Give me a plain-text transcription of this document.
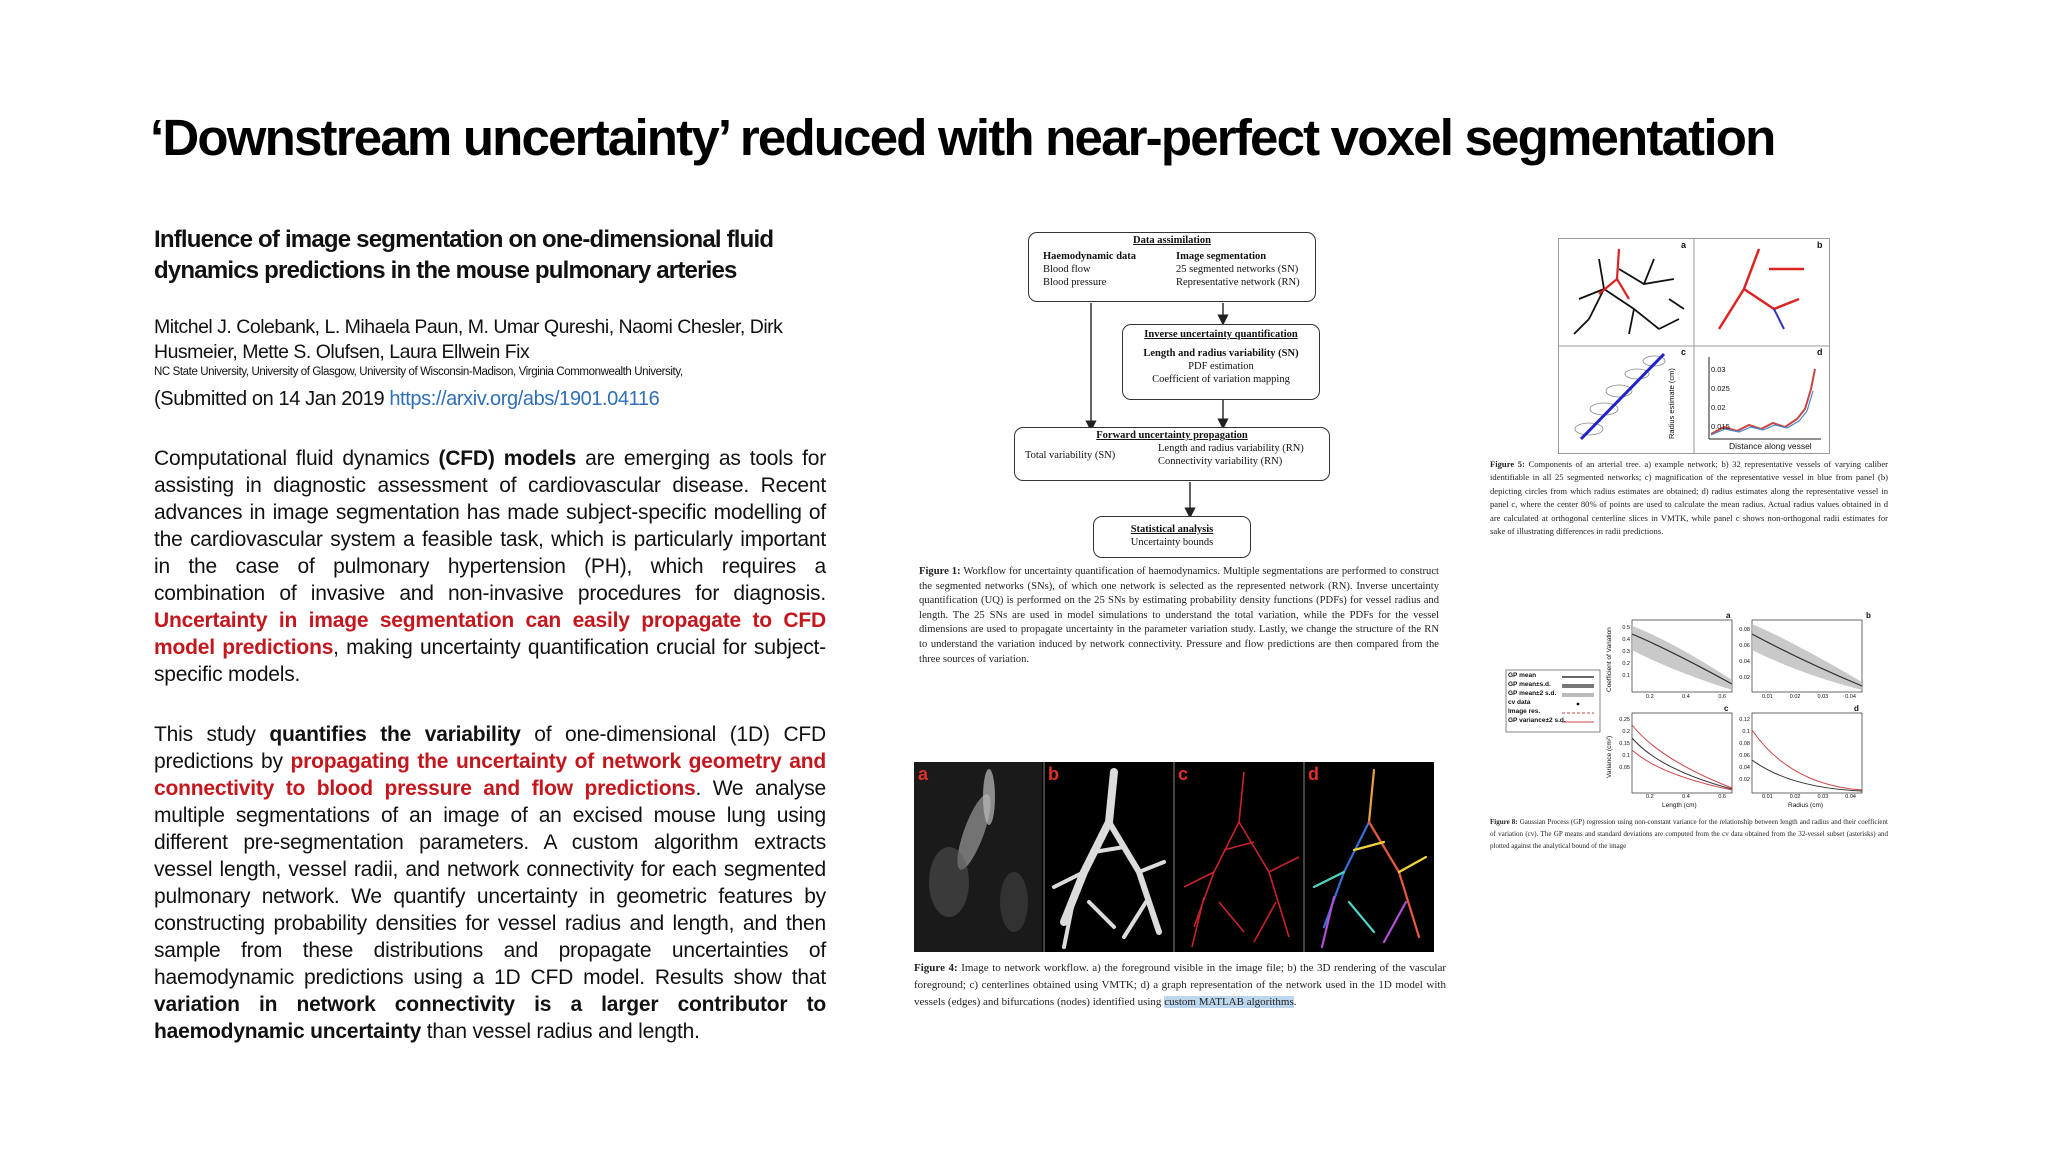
‘Downstream uncertainty’ reduced with near-perfect voxel segmentation
Influence of image segmentation on one-dimensional fluid dynamics predictions in the mouse pulmonary arteries
Mitchel J. Colebank, L. Mihaela Paun, M. Umar Qureshi, Naomi Chesler, Dirk Husmeier, Mette S. Olufsen, Laura Ellwein Fix
NC State University, University of Glasgow, University of Wisconsin-Madison, Virginia Commonwealth University,
(Submitted on 14 Jan 2019 https://arxiv.org/abs/1901.04116
Computational fluid dynamics (CFD) models are emerging as tools for assisting in diagnostic assessment of cardiovascular disease. Recent advances in image segmentation has made subject-specific modelling of the cardiovascular system a feasible task, which is particularly important in the case of pulmonary hypertension (PH), which requires a combination of invasive and non-invasive procedures for diagnosis. Uncertainty in image segmentation can easily propagate to CFD model predictions, making uncertainty quantification crucial for subject-specific models.
This study quantifies the variability of one-dimensional (1D) CFD predictions by propagating the uncertainty of network geometry and connectivity to blood pressure and flow predictions. We analyse multiple segmentations of an image of an excised mouse lung using different pre-segmentation parameters. A custom algorithm extracts vessel length, vessel radii, and network connectivity for each segmented pulmonary network. We quantify uncertainty in geometric features by constructing probability densities for vessel radius and length, and then sample from these distributions and propagate uncertainties of haemodynamic predictions using a 1D CFD model. Results show that variation in network connectivity is a larger contributor to haemodynamic uncertainty than vessel radius and length.
Data assimilation
Haemodynamic data
Blood flow
Blood pressure
Image segmentation
25 segmented networks (SN)
Representative network (RN)
Inverse uncertainty quantification
Length and radius variability (SN)
PDF estimation
Coefficient of variation mapping
Forward uncertainty propagation
Total variability (SN)
Length and radius variability (RN)
Connectivity variability (RN)
Statistical analysis
Uncertainty bounds
Figure 1: Workflow for uncertainty quantification of haemodynamics. Multiple segmentations are performed to construct the segmented networks (SNs), of which one network is selected as the represented network (RN). Inverse uncertainty quantification (UQ) is performed on the 25 SNs by estimating probability density functions (PDFs) for vessel radius and length. The 25 SNs are used in model simulations to understand the total variation, while the PDFs for the vessel dimensions are used to propagate uncertainty in the parameter variation study. Lastly, we change the structure of the RN to understand the variation induced by network connectivity. Pressure and flow predictions are then compared from the three sources of variation.
a	b	c	d
Figure 4: Image to network workflow. a) the foreground visible in the image file; b) the 3D rendering of the vascular foreground; c) centerlines obtained using VMTK; d) a graph representation of the network used in the 1D model with vessels (edges) and bifurcations (nodes) identified using custom MATLAB algorithms.
a	b
c	d
Radius estimate (cm)	0.03
0.025
0.02
0.015
Distance along vessel
Figure 5: Components of an arterial tree. a) example network; b) 32 representative vessels of varying caliber identifiable in all 25 segmented networks; c) magnification of the representative vessel in blue from panel (b) depicting circles from which radius estimates are obtained; d) radius estimates along the representative vessel in panel c, where the center 80% of points are used to calculate the mean radius. Actual radius values obtained in d are calculated at orthogonal centerline slices in VMTK, while panel c shows non-orthogonal radii estimates for sake of illustrating differences in radii predictions.
GP mean
GP mean±s.d.
GP mean±2 s.d.
cv data
Image res.
GP variance±2 s.d.
a	b
c	d
Coefficient of Variation
Variance (cm²)
Length (cm)	Radius (cm)
0.5
0.4
0.3
0.2
0.1
0.08
0.06
0.04
0.02
0.2	0.4	0.6	0.01	0.02	0.03	0.04
0.25
0.2
0.15
0.1
0.05
0.12
0.1
0.08
0.06
0.04
0.02
0.2	0.4	0.6	0.01	0.02	0.03	0.04
Figure 8: Gaussian Process (GP) regression using non-constant variance for the relationship between length and radius and their coefficient of variation (cv). The GP means and standard deviations are computed from the cv data obtained from the 32-vessel subset (asterisks) and plotted against the analytical bound of the image
